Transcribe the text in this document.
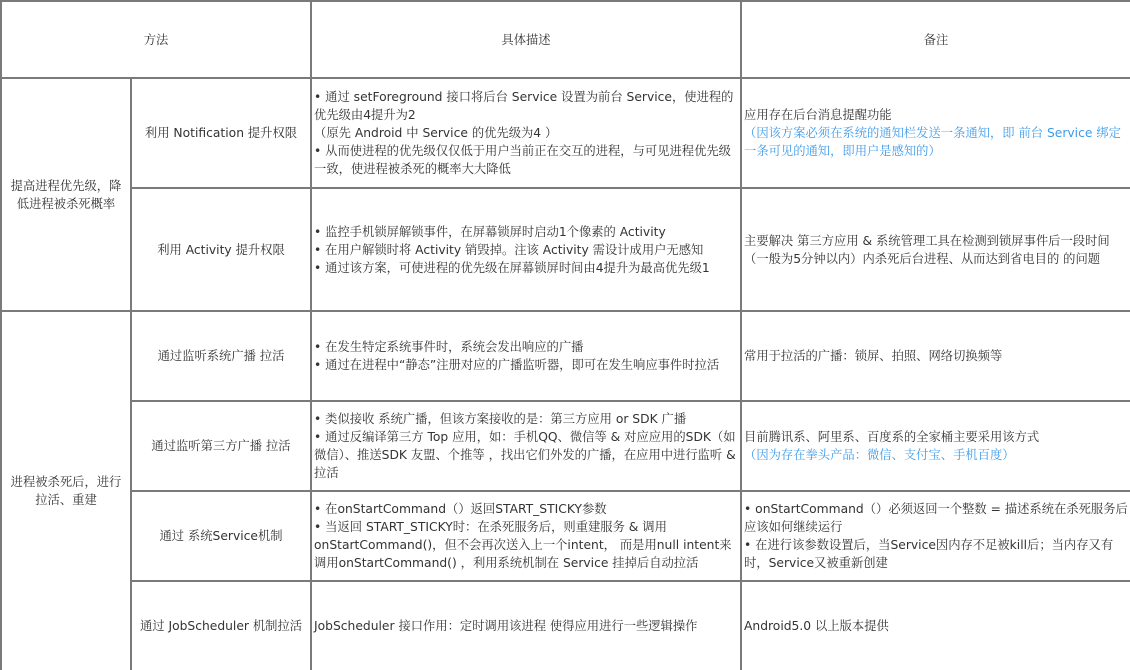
方法		具体描述	备注
提高进程优先级，降低进程被杀死概率	利用 Notification 提升权限	• 通过 setForeground 接口将后台 Service 设置为前台 Service，使进程的优先级由4提升为2
（原先 Android 中 Service 的优先级为4 ）
• 从而使进程的优先级仅仅低于用户当前正在交互的进程，与可见进程优先级一致，使进程被杀死的概率大大降低	应用存在后台消息提醒功能
（因该方案必须在系统的通知栏发送一条通知，即 前台 Service 绑定 一条可见的通知，即用户是感知的）

	利用 Activity 提升权限	• 监控手机锁屏解锁事件，在屏幕锁屏时启动1个像素的 Activity
• 在用户解锁时将 Activity 销毁掉。注该 Activity 需设计成用户无感知
• 通过该方案，可使进程的优先级在屏幕锁屏时间由4提升为最高优先级1	主要解决 第三方应用 & 系统管理工具在检测到锁屏事件后一段时间（一般为5分钟以内）内杀死后台进程、从而达到省电目的 的问题

进程被杀死后，进行拉活、重建	通过监听系统广播 拉活	• 在发生特定系统事件时，系统会发出响应的广播
• 通过在进程中“静态”注册对应的广播监听器，即可在发生响应事件时拉活	常用于拉活的广播：锁屏、拍照、网络切换频等

	通过监听第三方广播 拉活	• 类似接收 系统广播，但该方案接收的是：第三方应用 or SDK 广播
• 通过反编译第三方 Top 应用，如：手机QQ、微信等 & 对应应用的SDK（如微信）、推送SDK 友盟、个推等 ，找出它们外发的广播，在应用中进行监听 & 拉活	目前腾讯系、阿里系、百度系的全家桶主要采用该方式
（因为存在拳头产品：微信、支付宝、手机百度）

	通过 系统Service机制	• 在onStartCommand（）返回START_STICKY参数
• 当返回 START_STICKY时：在杀死服务后，则重建服务 & 调用onStartCommand()，但不会再次送入上一个intent， 而是用null intent来调用onStartCommand() ，利用系统机制在 Service 挂掉后自动拉活	• onStartCommand（）必须返回一个整数 = 描述系统在杀死服务后应该如何继续运行
• 在进行该参数设置后，当Service因内存不足被kill后；当内存又有时，Service又被重新创建

	通过 JobScheduler 机制拉活	JobScheduler 接口作用：定时调用该进程 使得应用进行一些逻辑操作	Android5.0 以上版本提供
